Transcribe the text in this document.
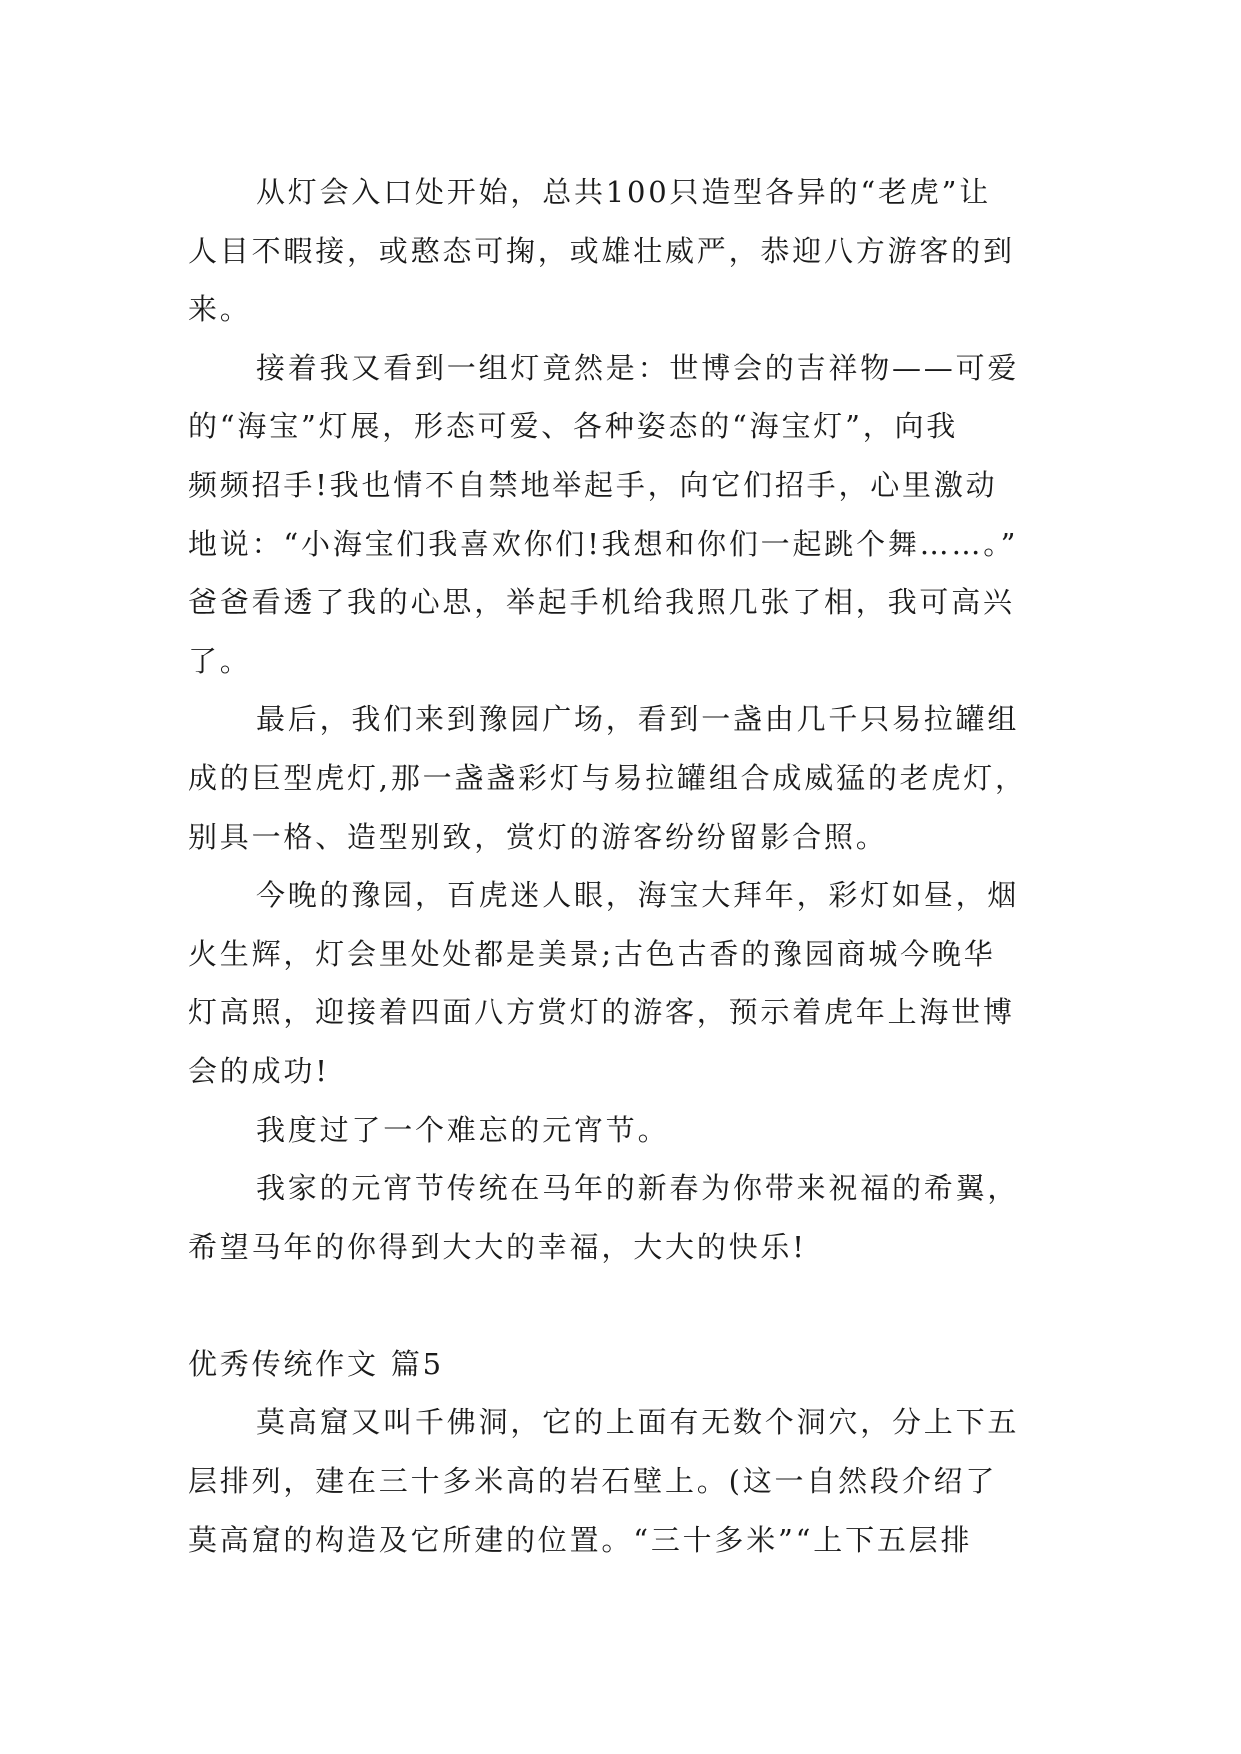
从灯会入口处开始，总共100只造型各异的“老虎”让
人目不暇接，或憨态可掬，或雄壮威严，恭迎八方游客的到
来。
接着我又看到一组灯竟然是：世博会的吉祥物——可爱
的“海宝”灯展，形态可爱、各种姿态的“海宝灯”，向我
频频招手!我也情不自禁地举起手，向它们招手，心里激动
地说：“小海宝们我喜欢你们!我想和你们一起跳个舞……。”
爸爸看透了我的心思，举起手机给我照几张了相，我可高兴
了。
最后，我们来到豫园广场，看到一盏由几千只易拉罐组
成的巨型虎灯,那一盏盏彩灯与易拉罐组合成威猛的老虎灯，
别具一格、造型别致，赏灯的游客纷纷留影合照。
今晚的豫园，百虎迷人眼，海宝大拜年，彩灯如昼，烟
火生辉，灯会里处处都是美景;古色古香的豫园商城今晚华
灯高照，迎接着四面八方赏灯的游客，预示着虎年上海世博
会的成功!
我度过了一个难忘的元宵节。
我家的元宵节传统在马年的新春为你带来祝福的希翼，
希望马年的你得到大大的幸福，大大的快乐!
优秀传统作文 篇5
莫高窟又叫千佛洞，它的上面有无数个洞穴，分上下五
层排列，建在三十多米高的岩石壁上。(这一自然段介绍了
莫高窟的构造及它所建的位置。“三十多米”“上下五层排
